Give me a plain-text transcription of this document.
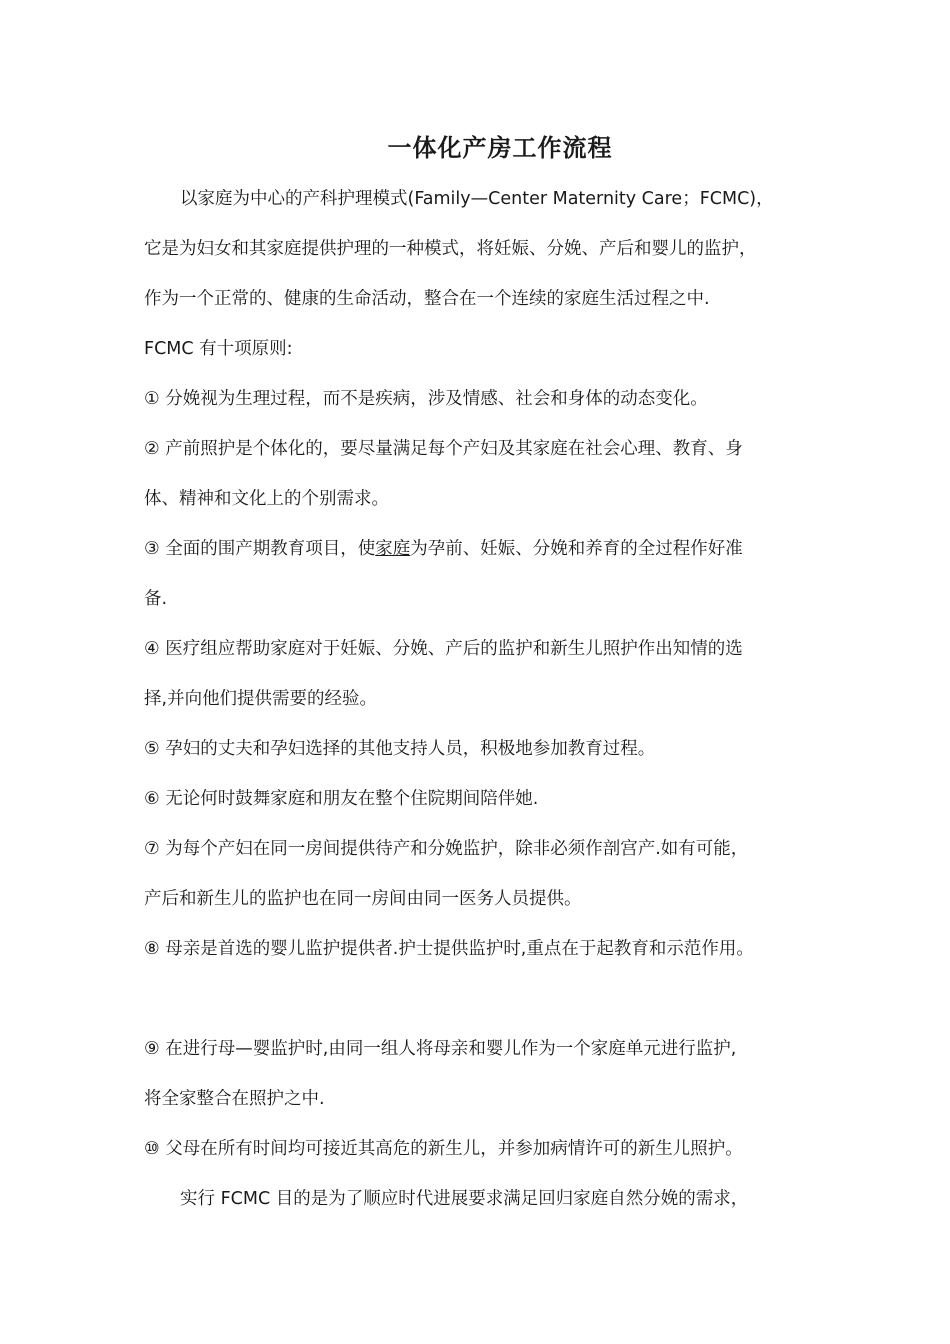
一体化产房工作流程
以家庭为中心的产科护理模式(Family—Center Maternity Care；FCMC)，
它是为妇女和其家庭提供护理的一种模式，将妊娠、分娩、产后和婴儿的监护，
作为一个正常的、健康的生命活动，整合在一个连续的家庭生活过程之中.
FCMC 有十项原则:
① 分娩视为生理过程，而不是疾病，涉及情感、社会和身体的动态变化。
② 产前照护是个体化的，要尽量满足每个产妇及其家庭在社会心理、教育、身
体、精神和文化上的个别需求。
③ 全面的围产期教育项目，使家庭为孕前、妊娠、分娩和养育的全过程作好准
备.
④ 医疗组应帮助家庭对于妊娠、分娩、产后的监护和新生儿照护作出知情的选
择,并向他们提供需要的经验。
⑤ 孕妇的丈夫和孕妇选择的其他支持人员，积极地参加教育过程。
⑥ 无论何时鼓舞家庭和朋友在整个住院期间陪伴她.
⑦ 为每个产妇在同一房间提供待产和分娩监护，除非必须作剖宫产.如有可能，
产后和新生儿的监护也在同一房间由同一医务人员提供。
⑧ 母亲是首选的婴儿监护提供者.护士提供监护时,重点在于起教育和示范作用。
⑨ 在进行母—婴监护时,由同一组人将母亲和婴儿作为一个家庭单元进行监护,
将全家整合在照护之中.
⑩ 父母在所有时间均可接近其高危的新生儿，并参加病情许可的新生儿照护。
实行 FCMC 目的是为了顺应时代进展要求满足回归家庭自然分娩的需求，
